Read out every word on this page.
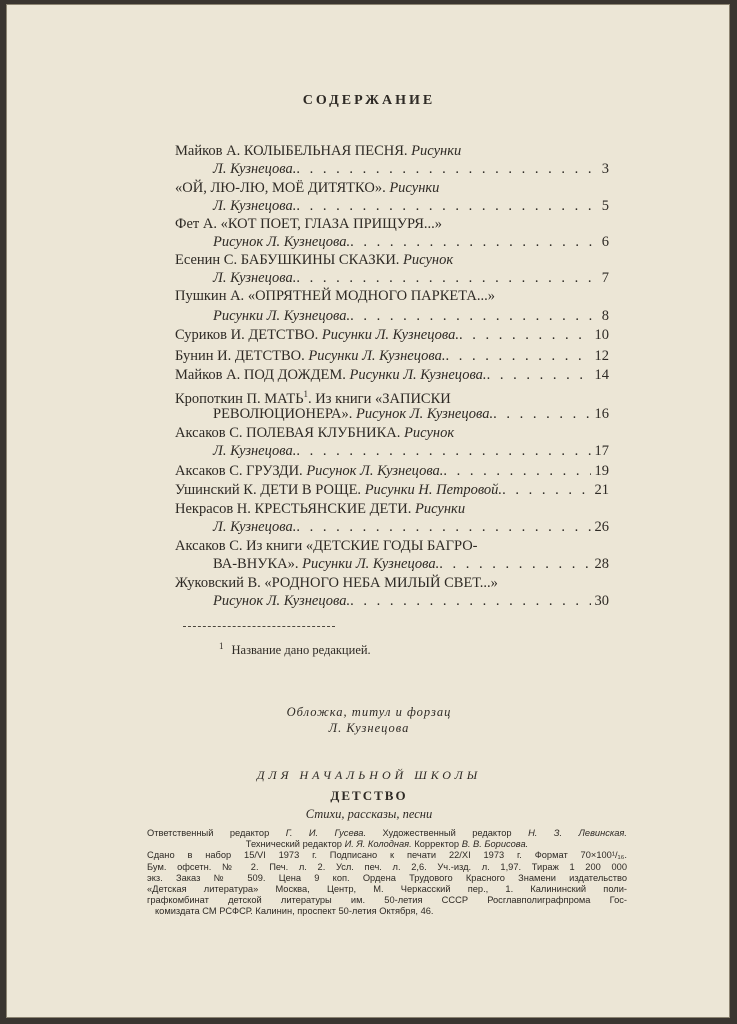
СОДЕРЖАНИЕ
Майков А. КОЛЫБЕЛЬНАЯ ПЕСНЯ. Рисунки
Л. Кузнецова. . . .	3
«ОЙ, ЛЮ-ЛЮ, МОЁ ДИТЯТКО». Рисунки
Л. Кузнецова. . . .	5
Фет А. «КОТ ПОЕТ, ГЛАЗА ПРИЩУРЯ...»
Рисунок Л. Кузнецова. . . .	6
Есенин С. БАБУШКИНЫ СКАЗКИ. Рисунок
Л. Кузнецова. . . .	7
Пушкин А. «ОПРЯТНЕЙ МОДНОГО ПАРКЕТА...»
Рисунки Л. Кузнецова. . . .	8
Суриков И. ДЕТСТВО. Рисунки Л. Кузнецова. . . .	10
Бунин И. ДЕТСТВО. Рисунки Л. Кузнецова. . . .	12
Майков А. ПОД ДОЖДЕМ. Рисунки Л. Кузнецова. . . .	14
Кропоткин П. МАТЬ$^1$. Из книги «ЗАПИСКИ
РЕВОЛЮЦИОНЕРА». Рисунок Л. Кузнецова. . . .	16
Аксаков С. ПОЛЕВАЯ КЛУБНИКА. Рисунок
Л. Кузнецова. . . .	17
Аксаков С. ГРУЗДИ. Рисунок Л. Кузнецова. . . .	19
Ушинский К. ДЕТИ В РОЩЕ. Рисунки Н. Петровой. . . .	21
Некрасов Н. КРЕСТЬЯНСКИЕ ДЕТИ. Рисунки
Л. Кузнецова. . . .	26
Аксаков С. Из книги «ДЕТСКИЕ ГОДЫ БАГРО-
ВА-ВНУКА». Рисунки Л. Кузнецова. . . .	28
Жуковский В. «РОДНОГО НЕБА МИЛЫЙ СВЕТ...»
Рисунок Л. Кузнецова. . . .	30
$^1$ Название дано редакцией.
Обложка, титул и форзац
Л. Кузнецова
ДЛЯ НАЧАЛЬНОЙ ШКОЛЫ
ДЕТСТВО
Стихи, рассказы, песни
Ответственный редактор Г. И. Гусева. Художественный редактор Н. З. Левинская.
Технический редактор И. Я. Колодная. Корректор В. В. Борисова.
Сдано в набор 15/VI 1973 г. Подписано к печати 22/XI 1973 г. Формат 70×100¹/₁₆.
Бум. офсетн. № 2. Печ. л. 2. Усл. печ. л. 2,6. Уч.-изд. л. 1,97. Тираж 1 200 000
экз. Заказ № 509. Цена 9 коп. Ордена Трудового Красного Знамени издательство
«Детская литература» Москва, Центр, М. Черкасский пер., 1. Калининский поли-
графкомбинат детской литературы им. 50-летия СССР Росглавполиграфпрома Гос-
комиздата СМ РСФСР. Калинин, проспект 50-летия Октября, 46.
